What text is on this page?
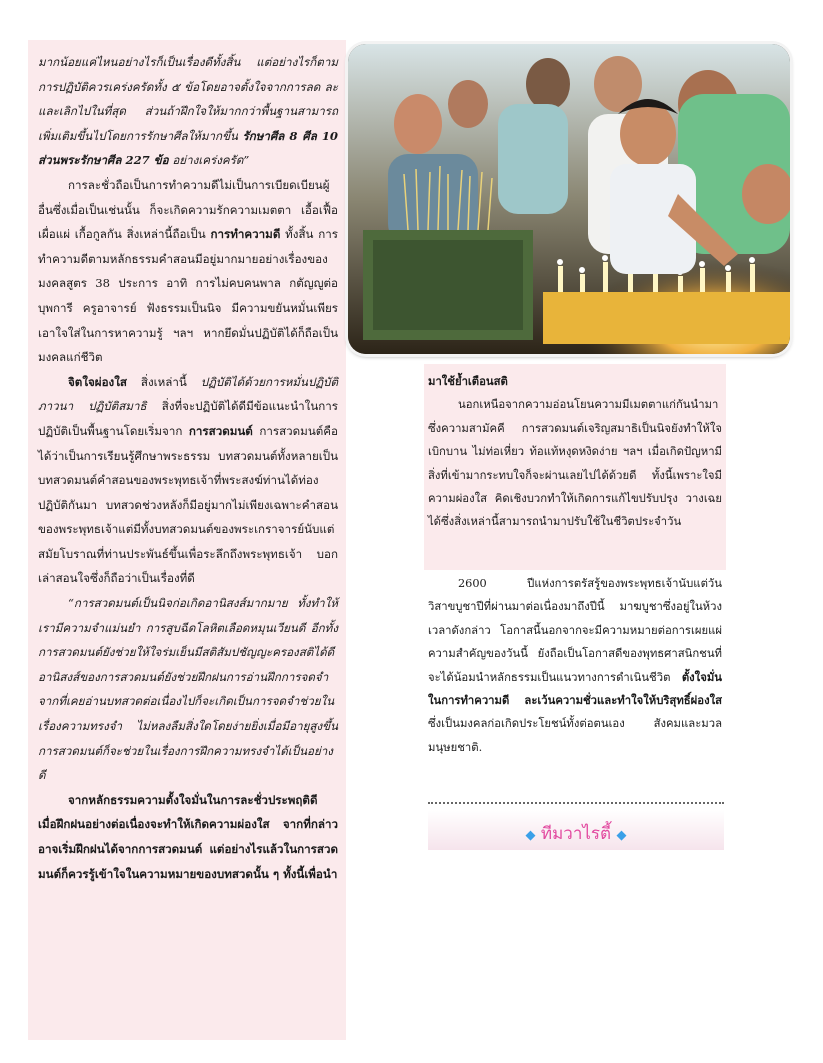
มากน้อยแค่ไหนอย่างไรก็เป็นเรื่องดีทั้งสิ้น แต่อย่างไรก็ตามการปฏิบัติควรเคร่งครัดทั้ง ๕ ข้อโดยอาจตั้งใจจากการลด ละ และเลิกไปในที่สุด ส่วนถ้าฝึกใจให้มากกว่าพื้นฐานสามารถเพิ่มเติมขึ้นไปโดยการรักษาศีลให้มากขึ้น รักษาศีล 8 ศีล 10 ส่วนพระรักษาศีล 227 ข้อ อย่างเคร่งครัด”

การละชั่วถือเป็นการทำความดีไม่เป็นการเบียดเบียนผู้อื่นซึ่งเมื่อเป็นเช่นนั้น ก็จะเกิดความรักความเมตตา เอื้อเฟื้อเผื่อแผ่ เกื้อกูลกัน สิ่งเหล่านี้ถือเป็น การทำความดี ทั้งสิ้น การทำความดีตามหลักธรรมคำสอนมีอยู่มากมายอย่างเรื่องของมงคลสูตร 38 ประการ อาทิ การไม่คบคนพาล กตัญญูต่อบุพการี ครูอาจารย์ ฟังธรรมเป็นนิจ มีความขยันหมั่นเพียรเอาใจใส่ในการหาความรู้ ฯลฯ หากยึดมั่นปฏิบัติได้ก็ถือเป็นมงคลแก่ชีวิต

จิตใจผ่องใส สิ่งเหล่านี้ ปฏิบัติได้ด้วยการหมั่นปฏิบัติภาวนา ปฏิบัติสมาธิ สิ่งที่จะปฏิบัติได้ดีมีข้อแนะนำในการปฏิบัติเป็นพื้นฐานโดยเริ่มจาก การสวดมนต์ การสวดมนต์คือได้ว่าเป็นการเรียนรู้ศึกษาพระธรรม บทสวดมนต์ทั้งหลายเป็นบทสวดมนต์คำสอนของพระพุทธเจ้าที่พระสงฆ์ท่านได้ท่องปฏิบัติกันมา บทสวดช่วงหลังก็มีอยู่มากไม่เพียงเฉพาะคำสอนของพระพุทธเจ้าแต่มีทั้งบทสวดมนต์ของพระเกราจารย์นับแต่สมัยโบราณที่ท่านประพันธ์ขึ้นเพื่อระลึกถึงพระพุทธเจ้า บอกเล่าสอนใจซึ่งก็ถือว่าเป็นเรื่องที่ดี

“การสวดมนต์เป็นนิจก่อเกิดอานิสงส์มากมาย ทั้งทำให้เรามีความจำแม่นยำ การสูบฉีดโลหิตเลือดหมุนเวียนดี อีกทั้งการสวดมนต์ยังช่วยให้ใจร่มเย็นมีสติสัมปชัญญะครองสติได้ดี อานิสงส์ของการสวดมนต์ยังช่วยฝึกฝนการอ่านฝึกการจดจำ จากที่เคยอ่านบทสวดต่อเนื่องไปก็จะเกิดเป็นการจดจำช่วยในเรื่องความทรงจำ ไม่หลงลืมสิ่งใดโดยง่ายยิ่งเมื่อมีอายุสูงขึ้นการสวดมนต์ก็จะช่วยในเรื่องการฝึกความทรงจำได้เป็นอย่างดี

จากหลักธรรมความตั้งใจมั่นในการละชั่วประพฤติดี เมื่อฝึกฝนอย่างต่อเนื่องจะทำให้เกิดความผ่องใส จากที่กล่าวอาจเริ่มฝึกฝนได้จากการสวดมนต์ แต่อย่างไรแล้วในการสวดมนต์ก็ควรรู้เข้าใจในความหมายของบทสวดนั้น ๆ ทั้งนี้เพื่อนำ

มาใช้ย้ำเตือนสติ

นอกเหนือจากความอ่อนโยนความมีเมตตาแก่กันนำมาซึ่งความสามัคคี การสวดมนต์เจริญสมาธิเป็นนิจยังทำให้ใจเบิกบาน ไม่ท่อเหี่ยว ท้อแท้หงุดหงิดง่าย ฯลฯ เมื่อเกิดปัญหามีสิ่งที่เข้ามากระทบใจก็จะผ่านเลยไปได้ด้วยดี ทั้งนี้เพราะใจมีความผ่องใส คิดเชิงบวกทำให้เกิดการแก้ไขปรับปรุง วางเฉยได้ซึ่งสิ่งเหล่านี้สามารถนำมาปรับใช้ในชีวิตประจำวัน

2600 ปีแห่งการตรัสรู้ของพระพุทธเจ้านับแต่วันวิสาขบูชาปีที่ผ่านมาต่อเนื่องมาถึงปีนี้ มาฆบูชาซึ่งอยู่ในห้วงเวลาดังกล่าว โอกาสนี้นอกจากจะมีความหมายต่อการเผยแผ่ความสำคัญของวันนี้ ยังถือเป็นโอกาสดีของพุทธศาสนิกชนที่จะได้น้อมนำหลักธรรมเป็นแนวทางการดำเนินชีวิต ตั้งใจมั่นในการทำความดี ละเว้นความชั่วและทำใจให้บริสุทธิ์ผ่องใส ซึ่งเป็นมงคลก่อเกิดประโยชน์ทั้งต่อตนเอง สังคมและมวลมนุษยชาติ.

◆ ทีมวาไรตี้ ◆
